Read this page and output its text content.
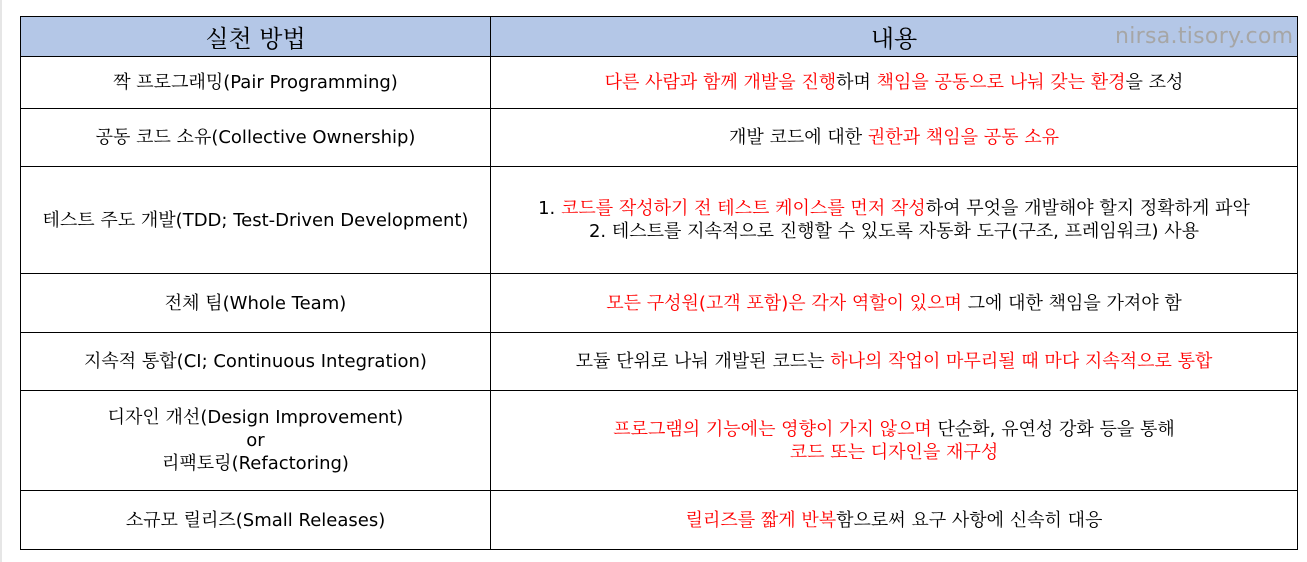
실천 방법	내용
짝 프로그래밍(Pair Programming)	다른 사람과 함께 개발을 진행하며 책임을 공동으로 나눠 갖는 환경을 조성
공동 코드 소유(Collective Ownership)	개발 코드에 대한 권한과 책임을 공동 소유
테스트 주도 개발(TDD; Test-Driven Development)	1. 코드를 작성하기 전 테스트 케이스를 먼저 작성하여 무엇을 개발해야 할지 정확하게 파악
2. 테스트를 지속적으로 진행할 수 있도록 자동화 도구(구조, 프레임워크) 사용

전체 팀(Whole Team)	모든 구성원(고객 포함)은 각자 역할이 있으며 그에 대한 책임을 가져야 함
지속적 통합(CI; Continuous Integration)	모듈 단위로 나눠 개발된 코드는 하나의 작업이 마무리될 때 마다 지속적으로 통합

디자인 개선(Design Improvement)
or
리팩토링(Refactoring)	프로그램의 기능에는 영향이 가지 않으며 단순화, 유연성 강화 등을 통해
코드 또는 디자인을 재구성

소규모 릴리즈(Small Releases)	릴리즈를 짧게 반복함으로써 요구 사항에 신속히 대응
nirsa.tisory.com
